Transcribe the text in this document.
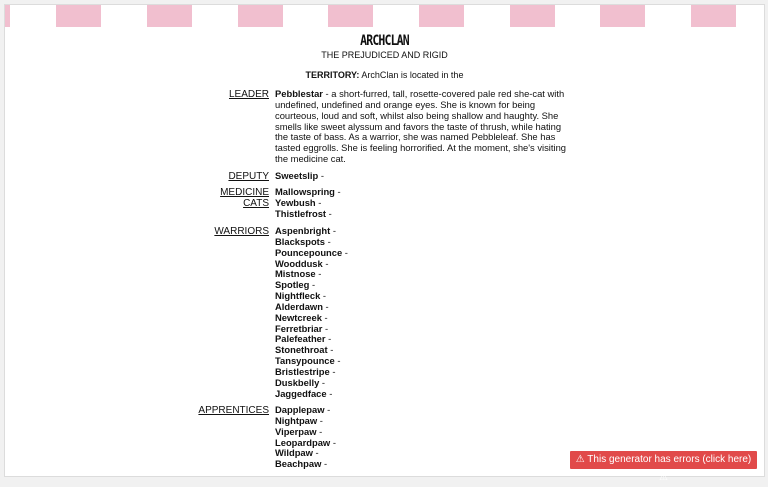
ARCHCLAN
THE PREJUDICED AND RIGID
TERRITORY: ArchClan is located in the
LEADER Pebblestar - a short-furred, tall, rosette-covered pale red she-cat with undefined, undefined and orange eyes. She is known for being courteous, loud and soft, whilst also being shallow and haughty. She smells like sweet alyssum and favors the taste of thrush, while hating the taste of bass. As a warrior, she was named Pebbleleaf. She has tasted eggrolls. She is feeling horrorified. At the moment, she's visiting the medicine cat.
DEPUTY Sweetslip -
MEDICINE CATS
Mallowspring -
Yewbush -
Thistlefrost -
WARRIORS Aspenbright -
Blackspots -
Pouncepounce -
Wooddusk -
Mistnose -
Spotleg -
Nightfleck -
Alderdawn -
Newtcreek -
Ferretbriar -
Palefeather -
Stonethroat -
Tansypounce -
Bristlestripe -
Duskbelly -
Jaggedface -
APPRENTICES Dapplepaw -
Nightpaw -
Viperpaw -
Leopardpaw -
Wildpaw -
Beachpaw -	⚠ This generator has errors (click here) ⚠
